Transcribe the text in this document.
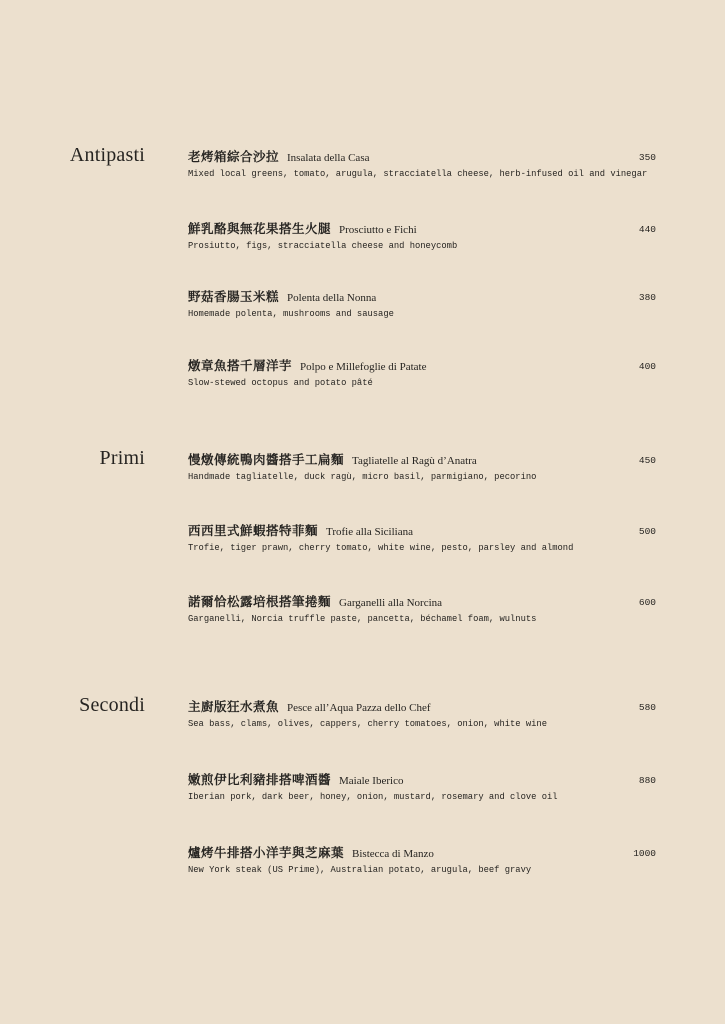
Antipasti	老烤箱綜合沙拉 Insalata della Casa	350
Mixed local greens, tomato, arugula, stracciatella cheese, herb-infused oil and vinegar
鮮乳酪與無花果搭生火腿 Prosciutto e Fichi	440
Prosiutto, figs, stracciatella cheese and honeycomb
野菇香腸玉米糕 Polenta della Nonna	380
Homemade polenta, mushrooms and sausage
燉章魚搭千層洋芋 Polpo e Millefoglie di Patate	400
Slow-stewed octopus and potato pâté
Primi	慢燉傳統鴨肉醬搭手工扁麵 Tagliatelle al Ragù d’Anatra	450
Handmade tagliatelle, duck ragù, micro basil, parmigiano, pecorino
西西里式鮮蝦搭特菲麵 Trofie alla Siciliana	500
Trofie, tiger prawn, cherry tomato, white wine, pesto, parsley and almond
諾爾恰松露培根搭筆捲麵 Garganelli alla Norcina	600
Garganelli, Norcia truffle paste, pancetta, béchamel foam, wulnuts
Secondi	主廚版狂水煮魚 Pesce all’Aqua Pazza dello Chef	580
Sea bass, clams, olives, cappers, cherry tomatoes, onion, white wine
嫩煎伊比利豬排搭啤酒醬 Maiale Iberico	880
Iberian pork, dark beer, honey, onion, mustard, rosemary and clove oil
爐烤牛排搭小洋芋與芝麻葉 Bistecca di Manzo	1000
New York steak (US Prime), Australian potato, arugula, beef gravy
